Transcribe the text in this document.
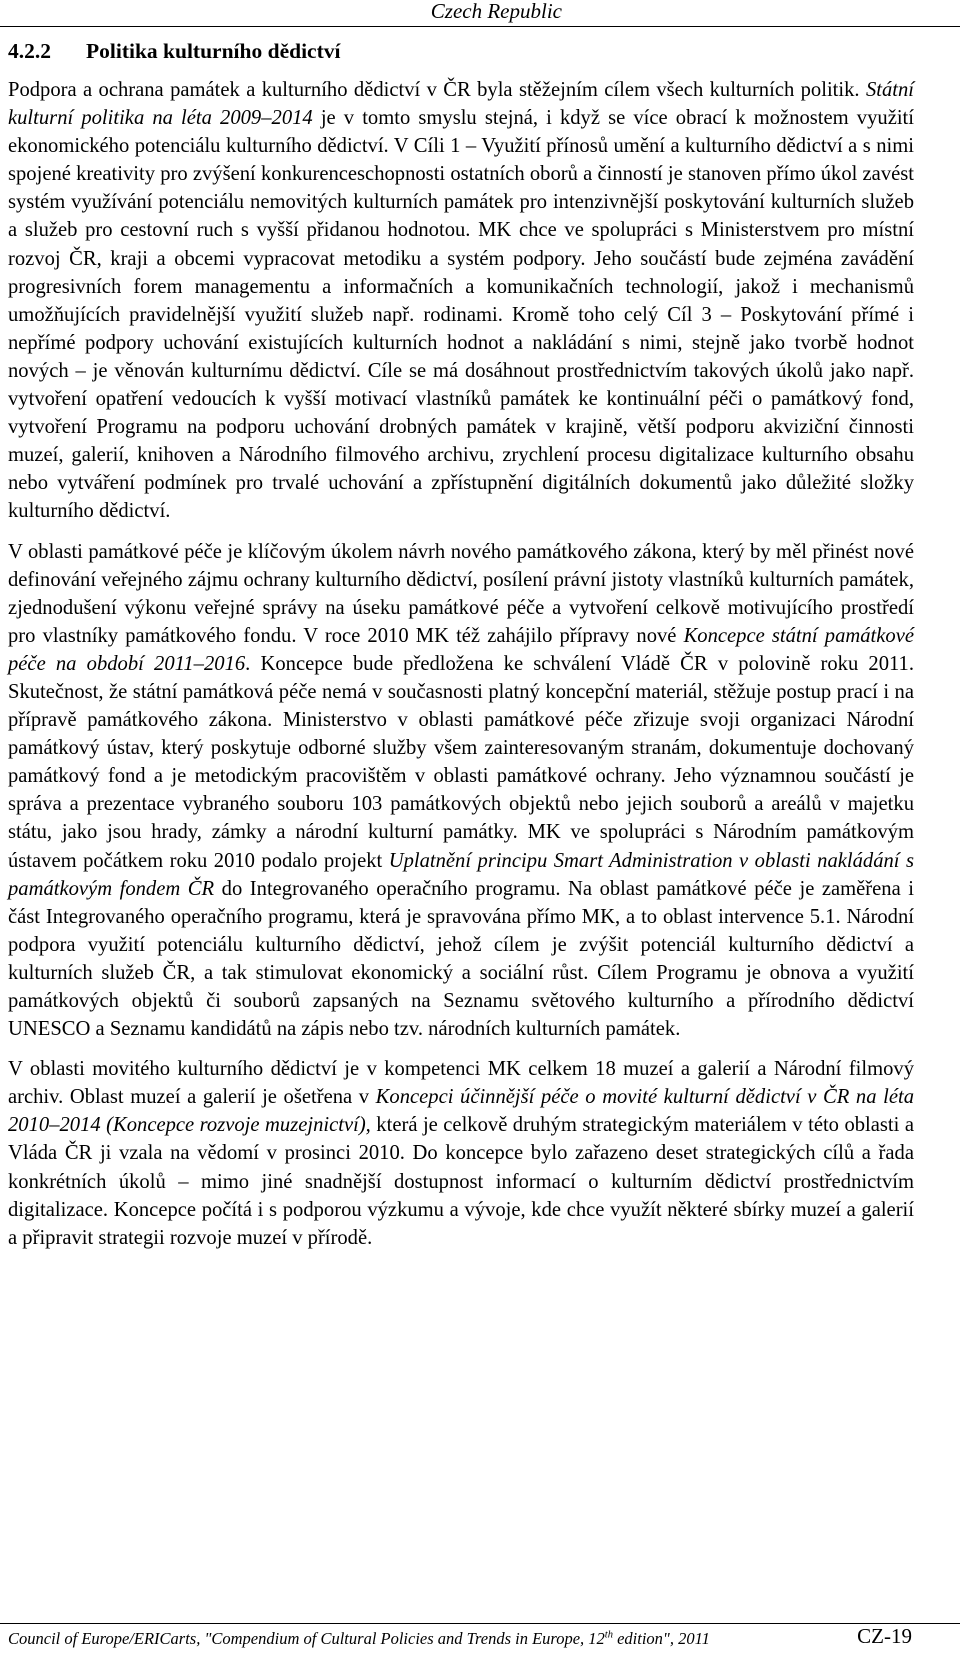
Czech Republic
4.2.2 Politika kulturního dědictví

Podpora a ochrana památek a kulturního dědictví v ČR byla stěžejním cílem všech kulturních politik. Státní kulturní politika na léta 2009–2014 je v tomto smyslu stejná, i když se více obrací k možnostem využití ekonomického potenciálu kulturního dědictví. V Cíli 1 – Využití přínosů umění a kulturního dědictví a s nimi spojené kreativity pro zvýšení konkurenceschopnosti ostatních oborů a činností je stanoven přímo úkol zavést systém využívání potenciálu nemovitých kulturních památek pro intenzivnější poskytování kulturních služeb a služeb pro cestovní ruch s vyšší přidanou hodnotou. MK chce ve spolupráci s Ministerstvem pro místní rozvoj ČR, kraji a obcemi vypracovat metodiku a systém podpory. Jeho součástí bude zejména zavádění progresivních forem managementu a informačních a komunikačních technologií, jakož i mechanismů umožňujících pravidelnější využití služeb např. rodinami. Kromě toho celý Cíl 3 – Poskytování přímé i nepřímé podpory uchování existujících kulturních hodnot a nakládání s nimi, stejně jako tvorbě hodnot nových – je věnován kulturnímu dědictví. Cíle se má dosáhnout prostřednictvím takových úkolů jako např. vytvoření opatření vedoucích k vyšší motivací vlastníků památek ke kontinuální péči o památkový fond, vytvoření Programu na podporu uchování drobných památek v krajině, větší podporu akviziční činnosti muzeí, galerií, knihoven a Národního filmového archivu, zrychlení procesu digitalizace kulturního obsahu nebo vytváření podmínek pro trvalé uchování a zpřístupnění digitálních dokumentů jako důležité složky kulturního dědictví.

V oblasti památkové péče je klíčovým úkolem návrh nového památkového zákona, který by měl přinést nové definování veřejného zájmu ochrany kulturního dědictví, posílení právní jistoty vlastníků kulturních památek, zjednodušení výkonu veřejné správy na úseku památkové péče a vytvoření celkově motivujícího prostředí pro vlastníky památkového fondu. V roce 2010 MK též zahájilo přípravy nové Koncepce státní památkové péče na období 2011–2016. Koncepce bude předložena ke schválení Vládě ČR v polovině roku 2011. Skutečnost, že státní památková péče nemá v současnosti platný koncepční materiál, stěžuje postup prací i na přípravě památkového zákona. Ministerstvo v oblasti památkové péče zřizuje svoji organizaci Národní památkový ústav, který poskytuje odborné služby všem zainteresovaným stranám, dokumentuje dochovaný památkový fond a je metodickým pracovištěm v oblasti památkové ochrany. Jeho významnou součástí je správa a prezentace vybraného souboru 103 památkových objektů nebo jejich souborů a areálů v majetku státu, jako jsou hrady, zámky a národní kulturní památky. MK ve spolupráci s Národním památkovým ústavem počátkem roku 2010 podalo projekt Uplatnění principu Smart Administration v oblasti nakládání s památkovým fondem ČR do Integrovaného operačního programu. Na oblast památkové péče je zaměřena i část Integrovaného operačního programu, která je spravována přímo MK, a to oblast intervence 5.1. Národní podpora využití potenciálu kulturního dědictví, jehož cílem je zvýšit potenciál kulturního dědictví a kulturních služeb ČR, a tak stimulovat ekonomický a sociální růst. Cílem Programu je obnova a využití památkových objektů či souborů zapsaných na Seznamu světového kulturního a přírodního dědictví UNESCO a Seznamu kandidátů na zápis nebo tzv. národních kulturních památek.

V oblasti movitého kulturního dědictví je v kompetenci MK celkem 18 muzeí a galerií a Národní filmový archiv. Oblast muzeí a galerií je ošetřena v Koncepci účinnější péče o movité kulturní dědictví v ČR na léta 2010–2014 (Koncepce rozvoje muzejnictví), která je celkově druhým strategickým materiálem v této oblasti a Vláda ČR ji vzala na vědomí v prosinci 2010. Do koncepce bylo zařazeno deset strategických cílů a řada konkrétních úkolů – mimo jiné snadnější dostupnost informací o kulturním dědictví prostřednictvím digitalizace. Koncepce počítá i s podporou výzkumu a vývoje, kde chce využít některé sbírky muzeí a galerií a připravit strategii rozvoje muzeí v přírodě.

Council of Europe/ERICarts, "Compendium of Cultural Policies and Trends in Europe, 12th edition", 2011	CZ-19
